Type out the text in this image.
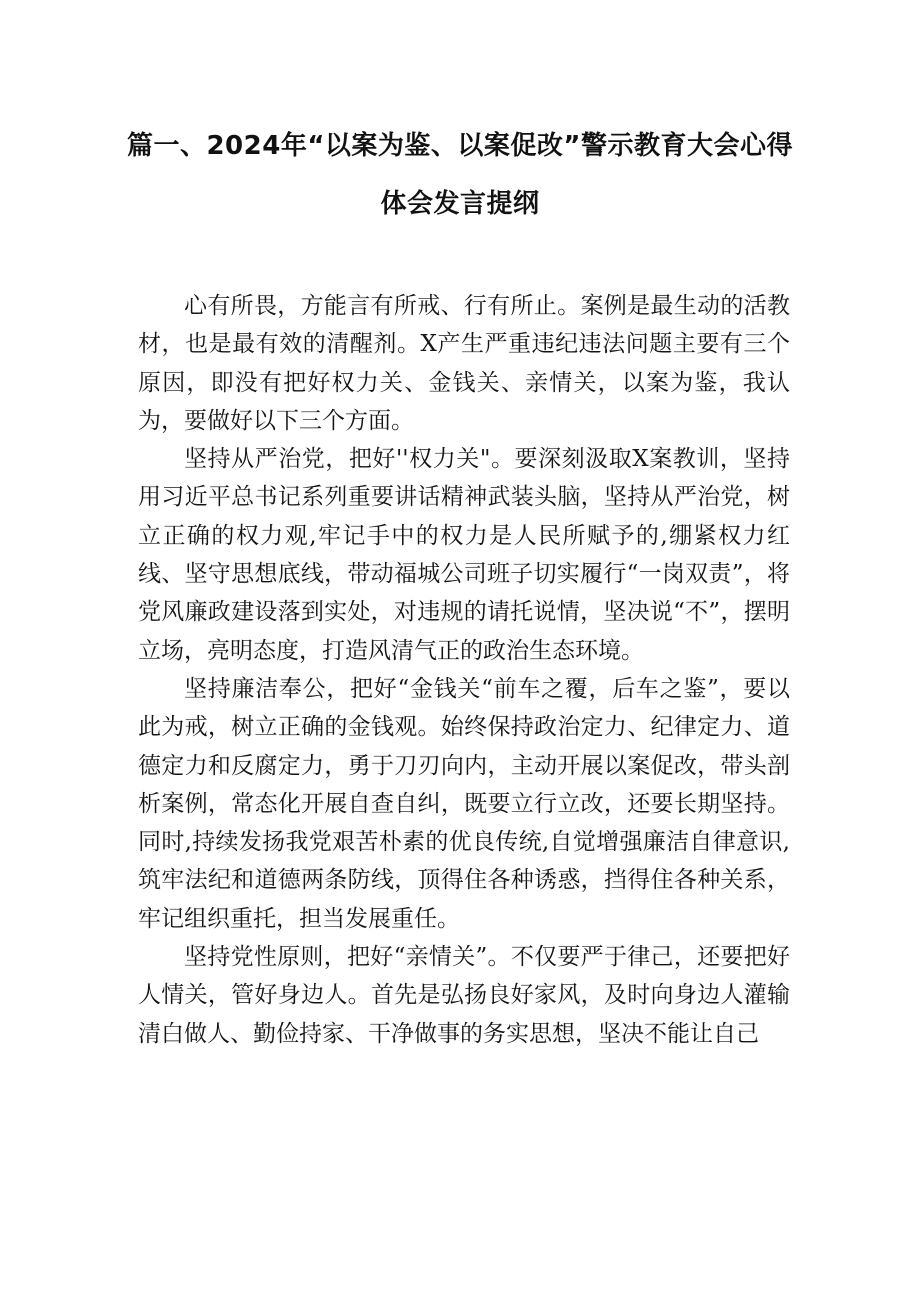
篇一、2024年“以案为鉴、以案促改”警示教育大会心得
体会发言提纲

心有所畏，方能言有所戒、行有所止。案例是最生动的活教材，也是最有效的清醒剂。X产生严重违纪违法问题主要有三个原因，即没有把好权力关、金钱关、亲情关，以案为鉴，我认为，要做好以下三个方面。

坚持从严治党，把好''权力关"。要深刻汲取X案教训，坚持用习近平总书记系列重要讲话精神武装头脑，坚持从严治党，树立正确的权力观,牢记手中的权力是人民所赋予的,绷紧权力红线、坚守思想底线，带动福城公司班子切实履行“一岗双责”，将党风廉政建设落到实处，对违规的请托说情，坚决说“不”，摆明立场，亮明态度，打造风清气正的政治生态环境。

坚持廉洁奉公，把好“金钱关“前车之覆，后车之鉴”，要以此为戒，树立正确的金钱观。始终保持政治定力、纪律定力、道德定力和反腐定力，勇于刀刃向内，主动开展以案促改，带头剖析案例，常态化开展自查自纠，既要立行立改，还要长期坚持。同时,持续发扬我党艰苦朴素的优良传统,自觉增强廉洁自律意识,筑牢法纪和道德两条防线，顶得住各种诱惑，挡得住各种关系，牢记组织重托，担当发展重任。

坚持党性原则，把好“亲情关”。不仅要严于律己，还要把好人情关，管好身边人。首先是弘扬良好家风，及时向身边人灌输清白做人、勤俭持家、干净做事的务实思想，坚决不能让自己
